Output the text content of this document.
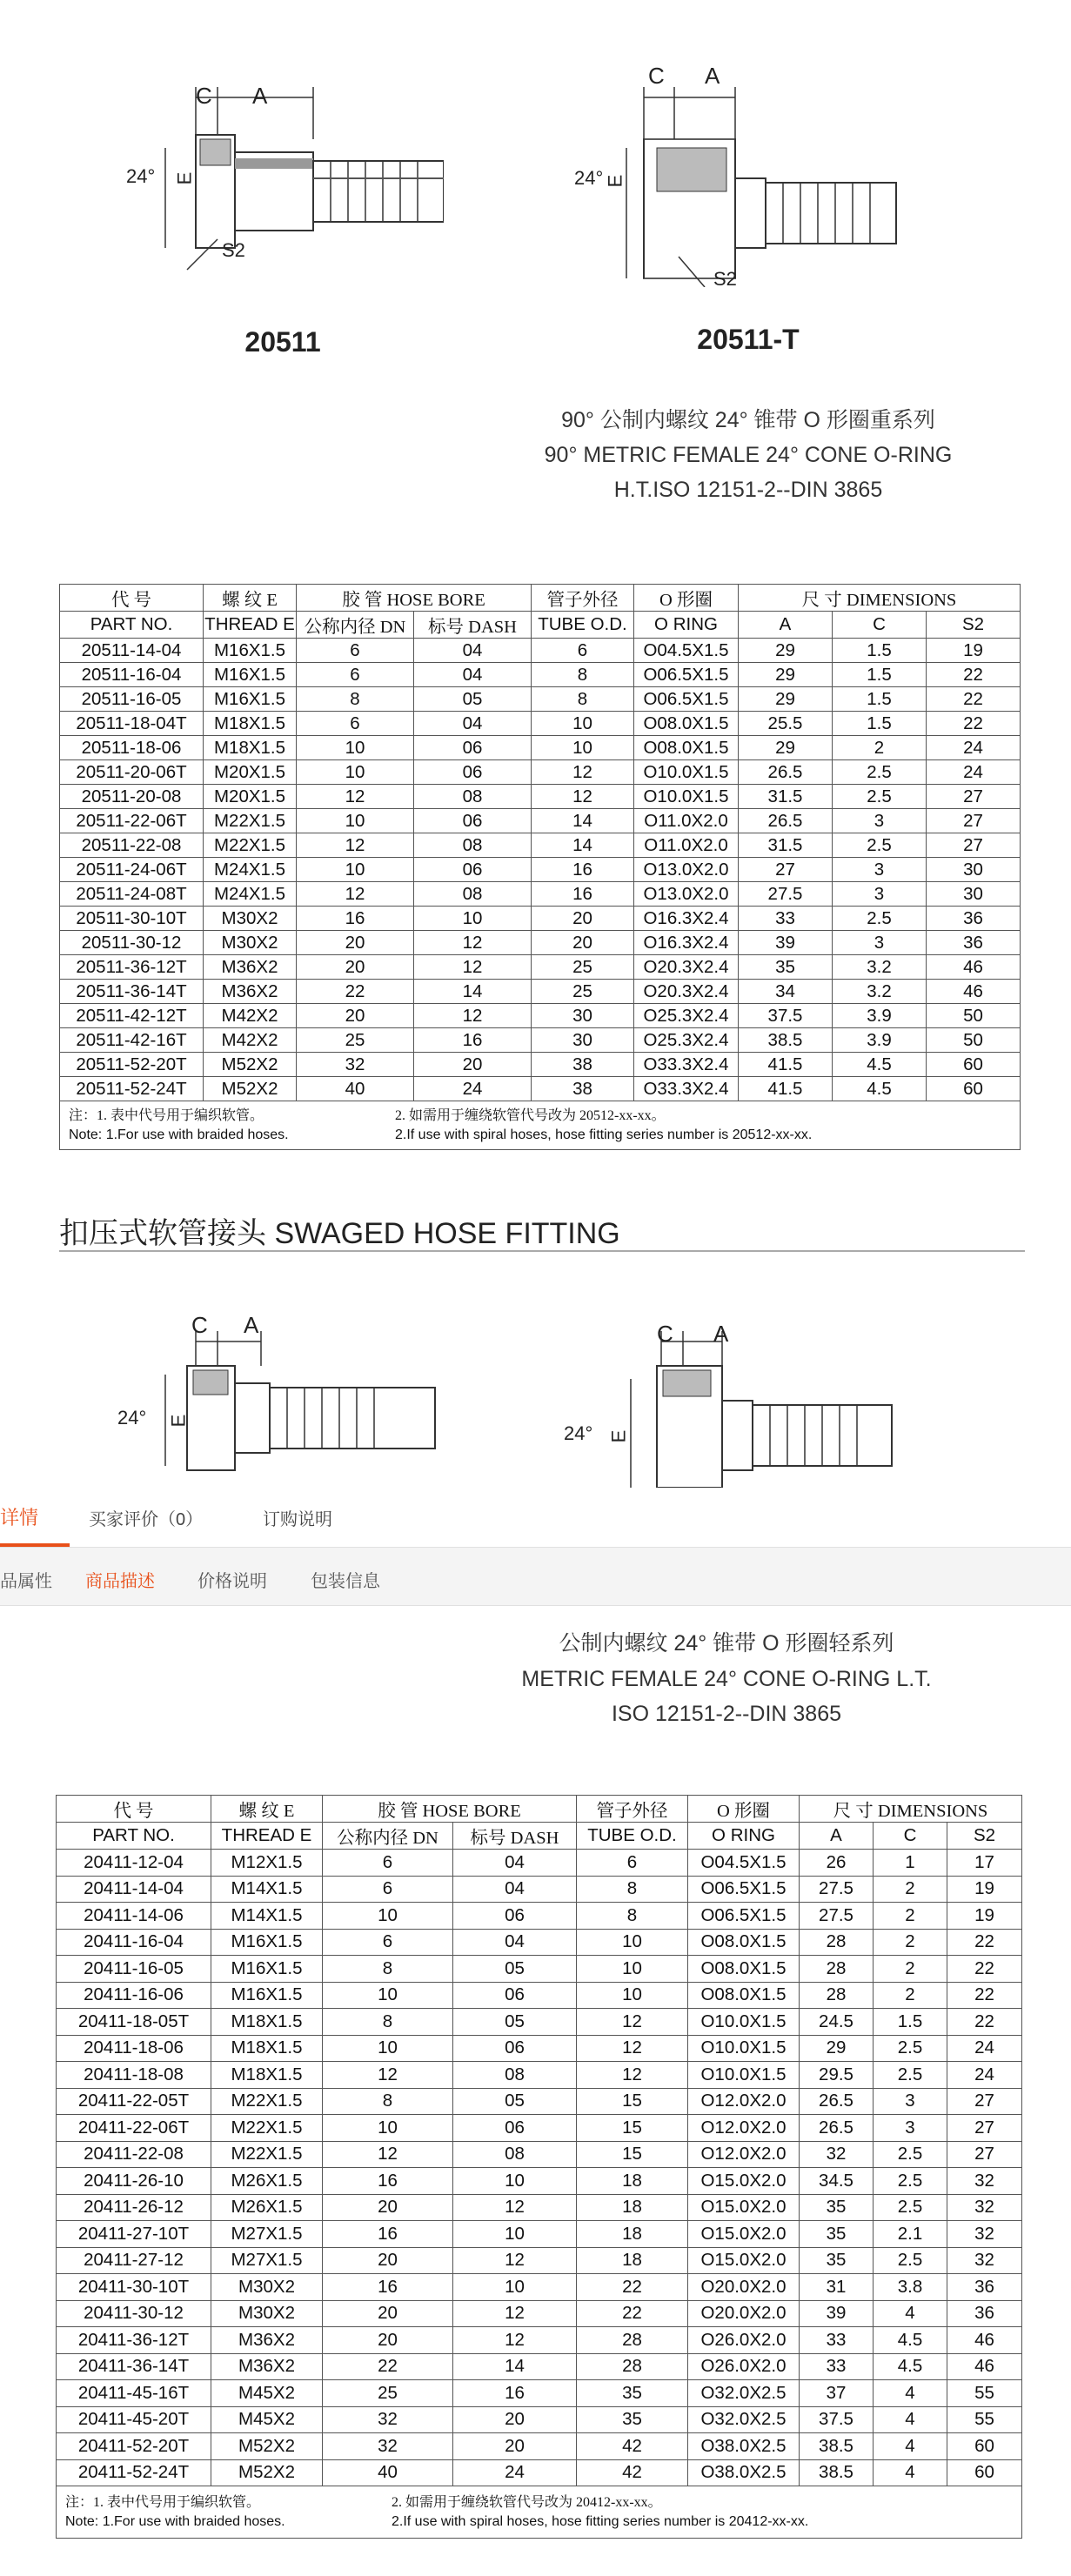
C A
24° E
S2
20511
C A
24° E
S2
20511-T
90° 公制内螺纹 24° 锥带 O 形圈重系列
90° METRIC FEMALE 24° CONE O-RING
H.T.ISO 12151-2--DIN 3865
代 号	螺 纹 E	胶 管 HOSE BORE		管子外径	O 形圈	尺 寸 DIMENSIONS		
PART NO.	THREAD E	公称内径 DN	标号 DASH	TUBE O.D.	O RING	A	C	S2
20511-14-04	M16X1.5	6	04	6	O04.5X1.5	29	1.5	19
20511-16-04	M16X1.5	6	04	8	O06.5X1.5	29	1.5	22
20511-16-05	M16X1.5	8	05	8	O06.5X1.5	29	1.5	22
20511-18-04T	M18X1.5	6	04	10	O08.0X1.5	25.5	1.5	22
20511-18-06	M18X1.5	10	06	10	O08.0X1.5	29	2	24
20511-20-06T	M20X1.5	10	06	12	O10.0X1.5	26.5	2.5	24
20511-20-08	M20X1.5	12	08	12	O10.0X1.5	31.5	2.5	27
20511-22-06T	M22X1.5	10	06	14	O11.0X2.0	26.5	3	27
20511-22-08	M22X1.5	12	08	14	O11.0X2.0	31.5	2.5	27
20511-24-06T	M24X1.5	10	06	16	O13.0X2.0	27	3	30
20511-24-08T	M24X1.5	12	08	16	O13.0X2.0	27.5	3	30
20511-30-10T	M30X2	16	10	20	O16.3X2.4	33	2.5	36
20511-30-12	M30X2	20	12	20	O16.3X2.4	39	3	36
20511-36-12T	M36X2	20	12	25	O20.3X2.4	35	3.2	46
20511-36-14T	M36X2	22	14	25	O20.3X2.4	34	3.2	46
20511-42-12T	M42X2	20	12	30	O25.3X2.4	37.5	3.9	50
20511-42-16T	M42X2	25	16	30	O25.3X2.4	38.5	3.9	50
20511-52-20T	M52X2	32	20	38	O33.3X2.4	41.5	4.5	60
20511-52-24T	M52X2	40	24	38	O33.3X2.4	41.5	4.5	60

注：1. 表中代号用于编织软管。 2. 如需用于缠绕软管代号改为 20512-xx-xx。
Note: 1.For use with braided hoses. 2.If use with spiral hoses, hose fitting series number is 20512-xx-xx.								
扣压式软管接头 SWAGED HOSE FITTING
C A
24° E
C A
24° E
详情	买家评价（0）	订购说明
品属性 商品描述 价格说明	包装信息
公制内螺纹 24° 锥带 O 形圈轻系列
METRIC FEMALE 24° CONE O-RING L.T.
ISO 12151-2--DIN 3865
代 号	螺 纹 E	胶 管 HOSE BORE		管子外径	O 形圈	尺 寸 DIMENSIONS		
PART NO.	THREAD E	公称内径 DN	标号 DASH	TUBE O.D.	O RING	A	C	S2
20411-12-04	M12X1.5	6	04	6	O04.5X1.5	26	1	17
20411-14-04	M14X1.5	6	04	8	O06.5X1.5	27.5	2	19
20411-14-06	M14X1.5	10	06	8	O06.5X1.5	27.5	2	19
20411-16-04	M16X1.5	6	04	10	O08.0X1.5	28	2	22
20411-16-05	M16X1.5	8	05	10	O08.0X1.5	28	2	22
20411-16-06	M16X1.5	10	06	10	O08.0X1.5	28	2	22
20411-18-05T	M18X1.5	8	05	12	O10.0X1.5	24.5	1.5	22
20411-18-06	M18X1.5	10	06	12	O10.0X1.5	29	2.5	24
20411-18-08	M18X1.5	12	08	12	O10.0X1.5	29.5	2.5	24
20411-22-05T	M22X1.5	8	05	15	O12.0X2.0	26.5	3	27
20411-22-06T	M22X1.5	10	06	15	O12.0X2.0	26.5	3	27
20411-22-08	M22X1.5	12	08	15	O12.0X2.0	32	2.5	27
20411-26-10	M26X1.5	16	10	18	O15.0X2.0	34.5	2.5	32
20411-26-12	M26X1.5	20	12	18	O15.0X2.0	35	2.5	32
20411-27-10T	M27X1.5	16	10	18	O15.0X2.0	35	2.1	32
20411-27-12	M27X1.5	20	12	18	O15.0X2.0	35	2.5	32
20411-30-10T	M30X2	16	10	22	O20.0X2.0	31	3.8	36
20411-30-12	M30X2	20	12	22	O20.0X2.0	39	4	36
20411-36-12T	M36X2	20	12	28	O26.0X2.0	33	4.5	46
20411-36-14T	M36X2	22	14	28	O26.0X2.0	33	4.5	46
20411-45-16T	M45X2	25	16	35	O32.0X2.5	37	4	55
20411-45-20T	M45X2	32	20	35	O32.0X2.5	37.5	4	55
20411-52-20T	M52X2	32	20	42	O38.0X2.5	38.5	4	60
20411-52-24T	M52X2	40	24	42	O38.0X2.5	38.5	4	60

注：1. 表中代号用于编织软管。 2. 如需用于缠绕软管代号改为 20412-xx-xx。
Note: 1.For use with braided hoses. 2.If use with spiral hoses, hose fitting series number is 20412-xx-xx.								
